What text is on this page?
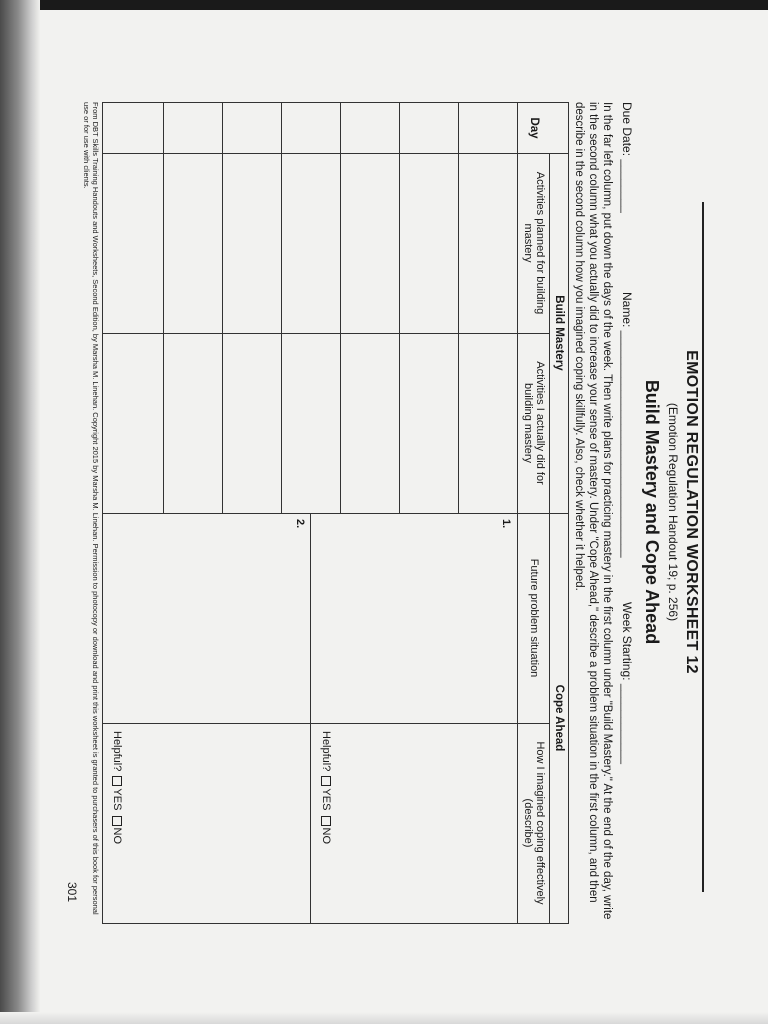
EMOTION REGULATION WORKSHEET 12
(Emotion Regulation Handout 19; p. 256)
Build Mastery and Cope Ahead
Due Date: ________
Name: __________________________________
Week Starting: ____________
In the far left column, put down the days of the week. Then write plans for practicing mastery in the first column under "Build Mastery." At the end of the day, write in the second column what you actually did to increase your sense of mastery. Under "Cope Ahead," describe a problem situation in the first column, and then describe in the second column how you imagined coping skillfully. Also, check whether it helped.
Build Mastery
Cope Ahead
Day
Activities planned for building mastery
Activities I actually did for building mastery
Future problem situation
How I imagined coping effectively (describe)
1.
2.
Helpful? YES NO
Helpful? YES NO
From DBT Skills Training Handouts and Worksheets, Second Edition, by Marsha M. Linehan. Copyright 2015 by Marsha M. Linehan. Permission to photocopy or download and print this worksheet is granted to purchasers of this book for personal use or for use with clients.
301
